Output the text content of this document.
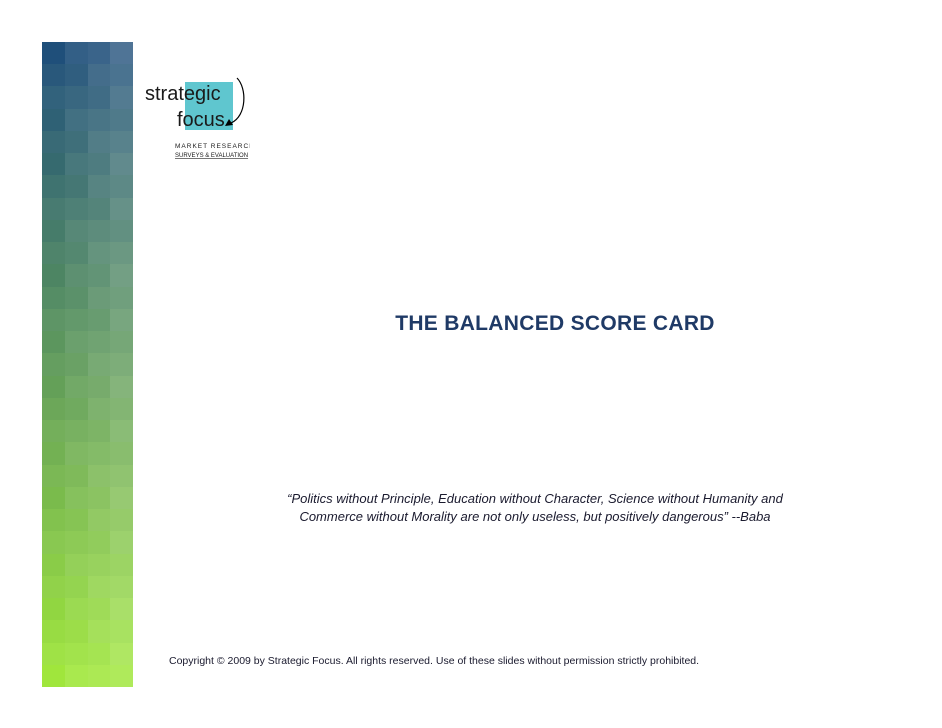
strategic
focus
MARKET RESEARCH
SURVEYS & EVALUATION
THE BALANCED SCORE CARD
“Politics without Principle, Education without Character, Science without Humanity and
Commerce without Morality are not only useless, but positively dangerous” --Baba
Copyright © 2009 by Strategic Focus. All rights reserved. Use of these slides without permission strictly prohibited.
